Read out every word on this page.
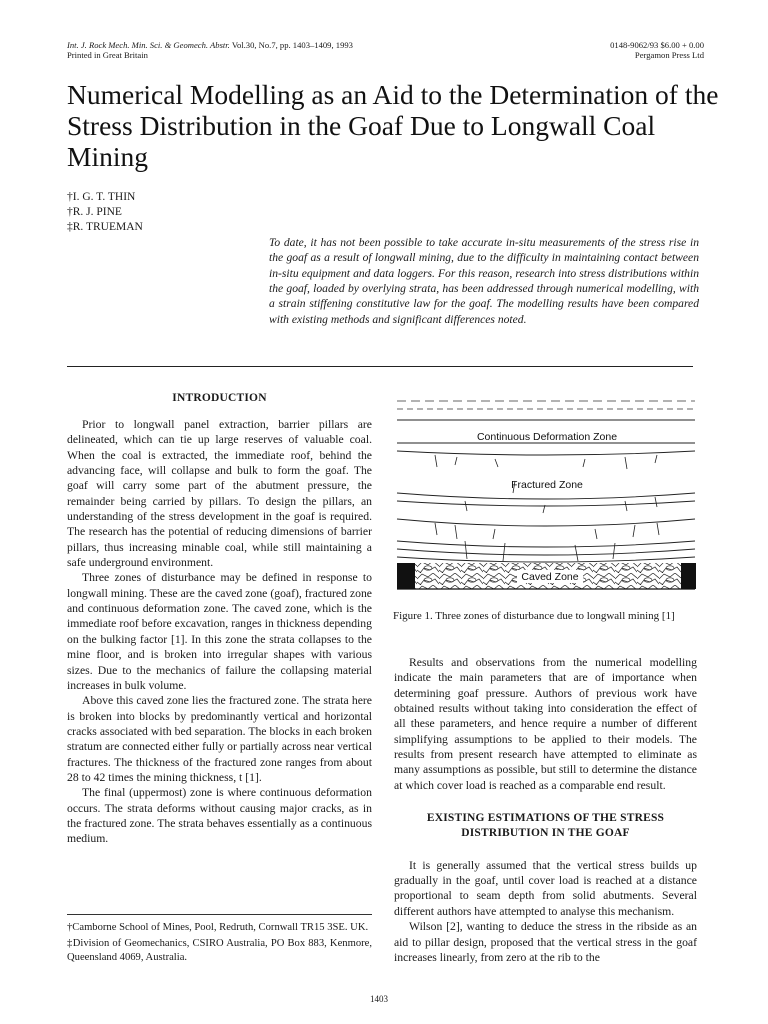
Int. J. Rock Mech. Min. Sci. & Geomech. Abstr. Vol.30, No.7, pp. 1403–1409, 1993
Printed in Great Britain
0148-9062/93 $6.00 + 0.00
Pergamon Press Ltd
Numerical Modelling as an Aid to the Determination of the Stress Distribution in the Goaf Due to Longwall Coal Mining
†I. G. T. THIN
†R. J. PINE
‡R. TRUEMAN
To date, it has not been possible to take accurate in-situ measurements of the stress rise in the goaf as a result of longwall mining, due to the difficulty in maintaining contact between in-situ equipment and data loggers. For this reason, research into stress distributions within the goaf, loaded by overlying strata, has been addressed through numerical modelling, with a strain stiffening constitutive law for the goaf. The modelling results have been compared with existing methods and significant differences noted.
INTRODUCTION

Prior to longwall panel extraction, barrier pillars are delineated, which can tie up large reserves of valuable coal. When the coal is extracted, the immediate roof, behind the advancing face, will collapse and bulk to form the goaf. The goaf will carry some part of the abutment pressure, the remainder being carried by pillars. To design the pillars, an understanding of the stress development in the goaf is required. The research has the potential of reducing dimensions of barrier pillars, thus increasing minable coal, while still maintaining a safe underground environment.

Three zones of disturbance may be defined in response to longwall mining. These are the caved zone (goaf), fractured zone and continuous deformation zone. The caved zone, which is the immediate roof before excavation, ranges in thickness depending on the bulking factor [1]. In this zone the strata collapses to the mine floor, and is broken into irregular shapes with various sizes. Due to the mechanics of failure the collapsing material increases in bulk volume.

Above this caved zone lies the fractured zone. The strata here is broken into blocks by predominantly vertical and horizontal cracks associated with bed separation. The blocks in each broken stratum are connected either fully or partially across near vertical fractures. The thickness of the fractured zone ranges from about 28 to 42 times the mining thickness, t [1].

The final (uppermost) zone is where continuous deformation occurs. The strata deforms without causing major cracks, as in the fractured zone. The strata behaves essentially as a continuous medium.

†Camborne School of Mines, Pool, Redruth, Cornwall TR15 3SE. UK.

‡Division of Geomechanics, CSIRO Australia, PO Box 883, Kenmore, Queensland 4069, Australia.

Continuous Deformation Zone
Fractured Zone
Caved Zone
Figure 1. Three zones of disturbance due to longwall mining [1]

Results and observations from the numerical modelling indicate the main parameters that are of importance when determining goaf pressure. Authors of previous work have obtained results without taking into consideration the effect of all these parameters, and hence require a number of different simplifying assumptions to be applied to their models. The results from present research have attempted to eliminate as many assumptions as possible, but still to determine the distance at which cover load is reached as a comparable end result.

EXISTING ESTIMATIONS OF THE STRESS DISTRIBUTION IN THE GOAF

It is generally assumed that the vertical stress builds up gradually in the goaf, until cover load is reached at a distance proportional to seam depth from solid abutments. Several different authors have attempted to analyse this mechanism.

Wilson [2], wanting to deduce the stress in the ribside as an aid to pillar design, proposed that the vertical stress in the goaf increases linearly, from zero at the rib to the

1403
